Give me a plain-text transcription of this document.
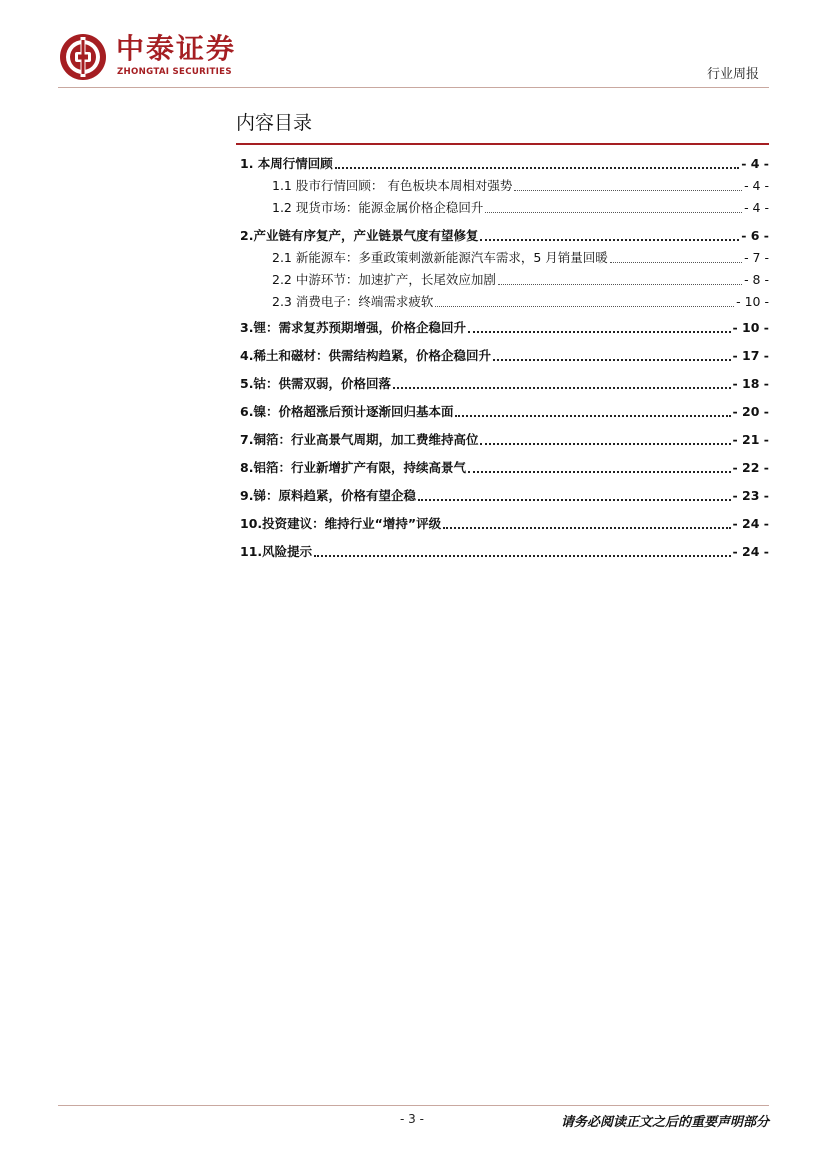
中泰证券
ZHONGTAI SECURITIES	行业周报
内容目录
1. 本周行情回顾	- 4 -
1.1 股市行情回顾： 有色板块本周相对强势	- 4 -
1.2 现货市场：能源金属价格企稳回升	- 4 -
2.产业链有序复产，产业链景气度有望修复	- 6 -
2.1 新能源车：多重政策刺激新能源汽车需求，5 月销量回暖	- 7 -
2.2 中游环节：加速扩产，长尾效应加剧	- 8 -
2.3 消费电子：终端需求疲软	- 10 -
3.锂：需求复苏预期增强，价格企稳回升	- 10 -
4.稀土和磁材：供需结构趋紧，价格企稳回升	- 17 -
5.钴：供需双弱，价格回落	- 18 -
6.镍：价格超涨后预计逐渐回归基本面	- 20 -
7.铜箔：行业高景气周期，加工费维持高位	- 21 -
8.铝箔：行业新增扩产有限，持续高景气	- 22 -
9.锑：原料趋紧，价格有望企稳	- 23 -
10.投资建议：维持行业“增持”评级	- 24 -
11.风险提示	- 24 -
- 3 -	请务必阅读正文之后的重要声明部分
